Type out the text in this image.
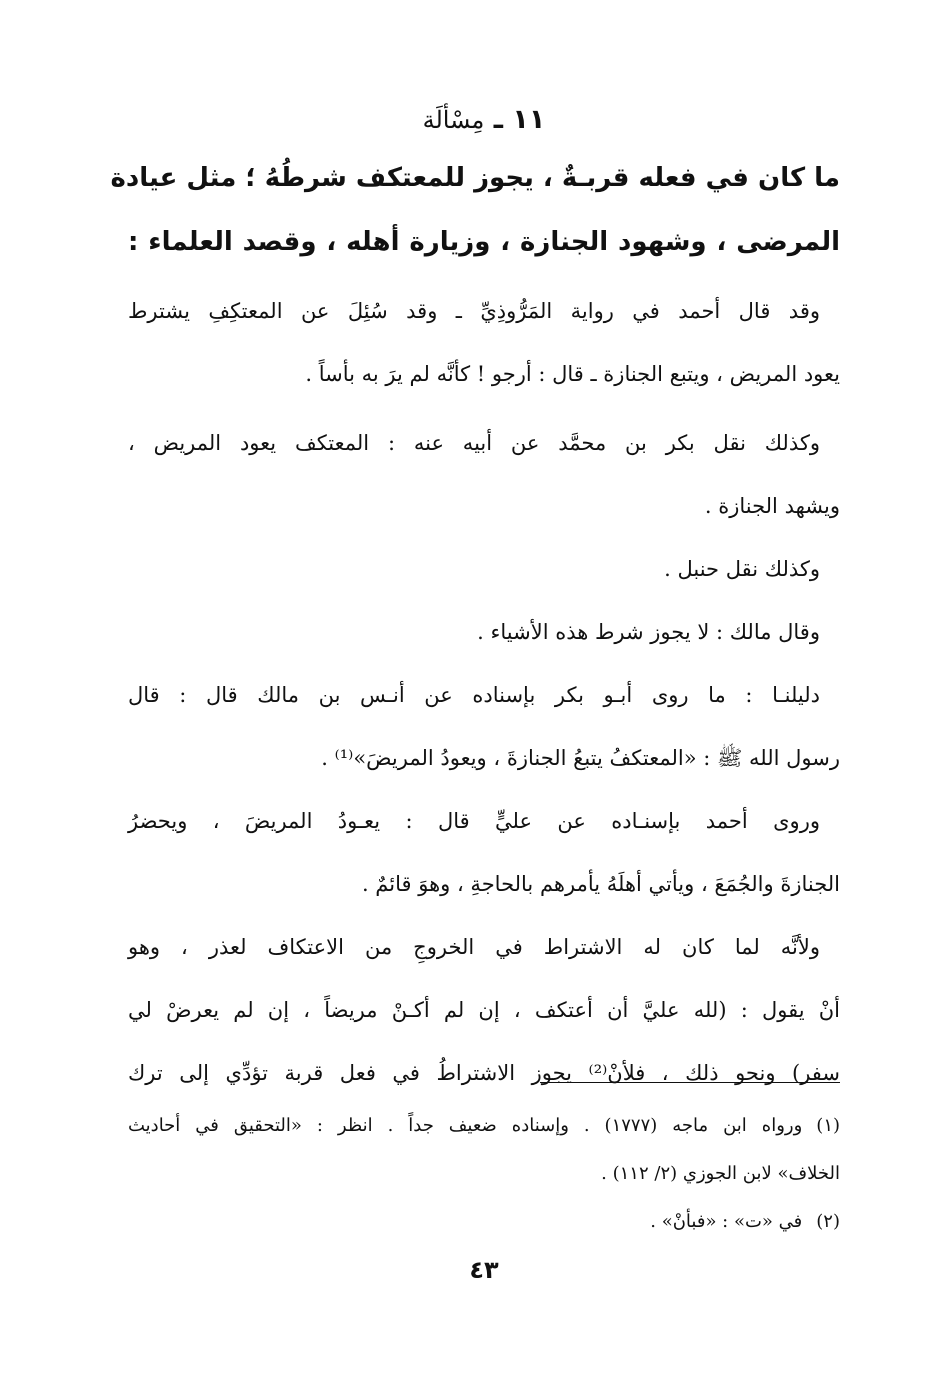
١١ ـ مِسْألَة

ما كان في فعله قربـةٌ ، يجوز للمعتكف شرطُهُ ؛ مثل عيادة
المرضى ، وشهود الجنازة ، وزيارة أهله ، وقصد العلماء :

وقد قال أحمد في رواية المَرُّوذِيِّ ـ وقد سُئِلَ عن المعتكِفِ يشترط
يعود المريض ، ويتبع الجنازة ـ قال : أرجو ! كأنَّه لم يرَ به بأساً .

وكذلك نقل بكر بن محمَّد عن أبيه عنه : المعتكف يعود المريض ،
ويشهد الجنازة .

وكذلك نقل حنبل .

وقال مالك : لا يجوز شرط هذه الأشياء .

دليلنـا : ما روى أبـو بكر بإسناده عن أنـس بن مالك قال : قال
رسول الله ﷺ : «المعتكفُ يتبعُ الجنازةَ ، ويعودُ المريضَ»⁽¹⁾ .

وروى أحمد بإسنـاده عن عليٍّ قال : يعـودُ المريضَ ، ويحضرُ
الجنازةَ والجُمَعَ ، ويأتي أهلَهُ يأمرهم بالحاجةِ ، وهوَ قائمٌ .

ولأنَّه لما كان له الاشتراط في الخروجِ من الاعتكاف لعذر ، وهو
أنْ يقول : (لله عليَّ أن أعتكف ، إن لم أكـنْ مريضاً ، إن لم يعرضْ لي
سفر) ونحو ذلك ، فلأنْ⁽²⁾ يجوز الاشتراطُ في فعل قربة تؤدِّي إلى ترك

(١)ورواه ابن ماجه (١٧٧٧) . وإسناده ضعيف جداً . انظر : «التحقيق في أحاديث
الخلاف» لابن الجوزي (٢/ ١١٢) .

(٢)في «ت» : «فبأنْ» .

٤٣
